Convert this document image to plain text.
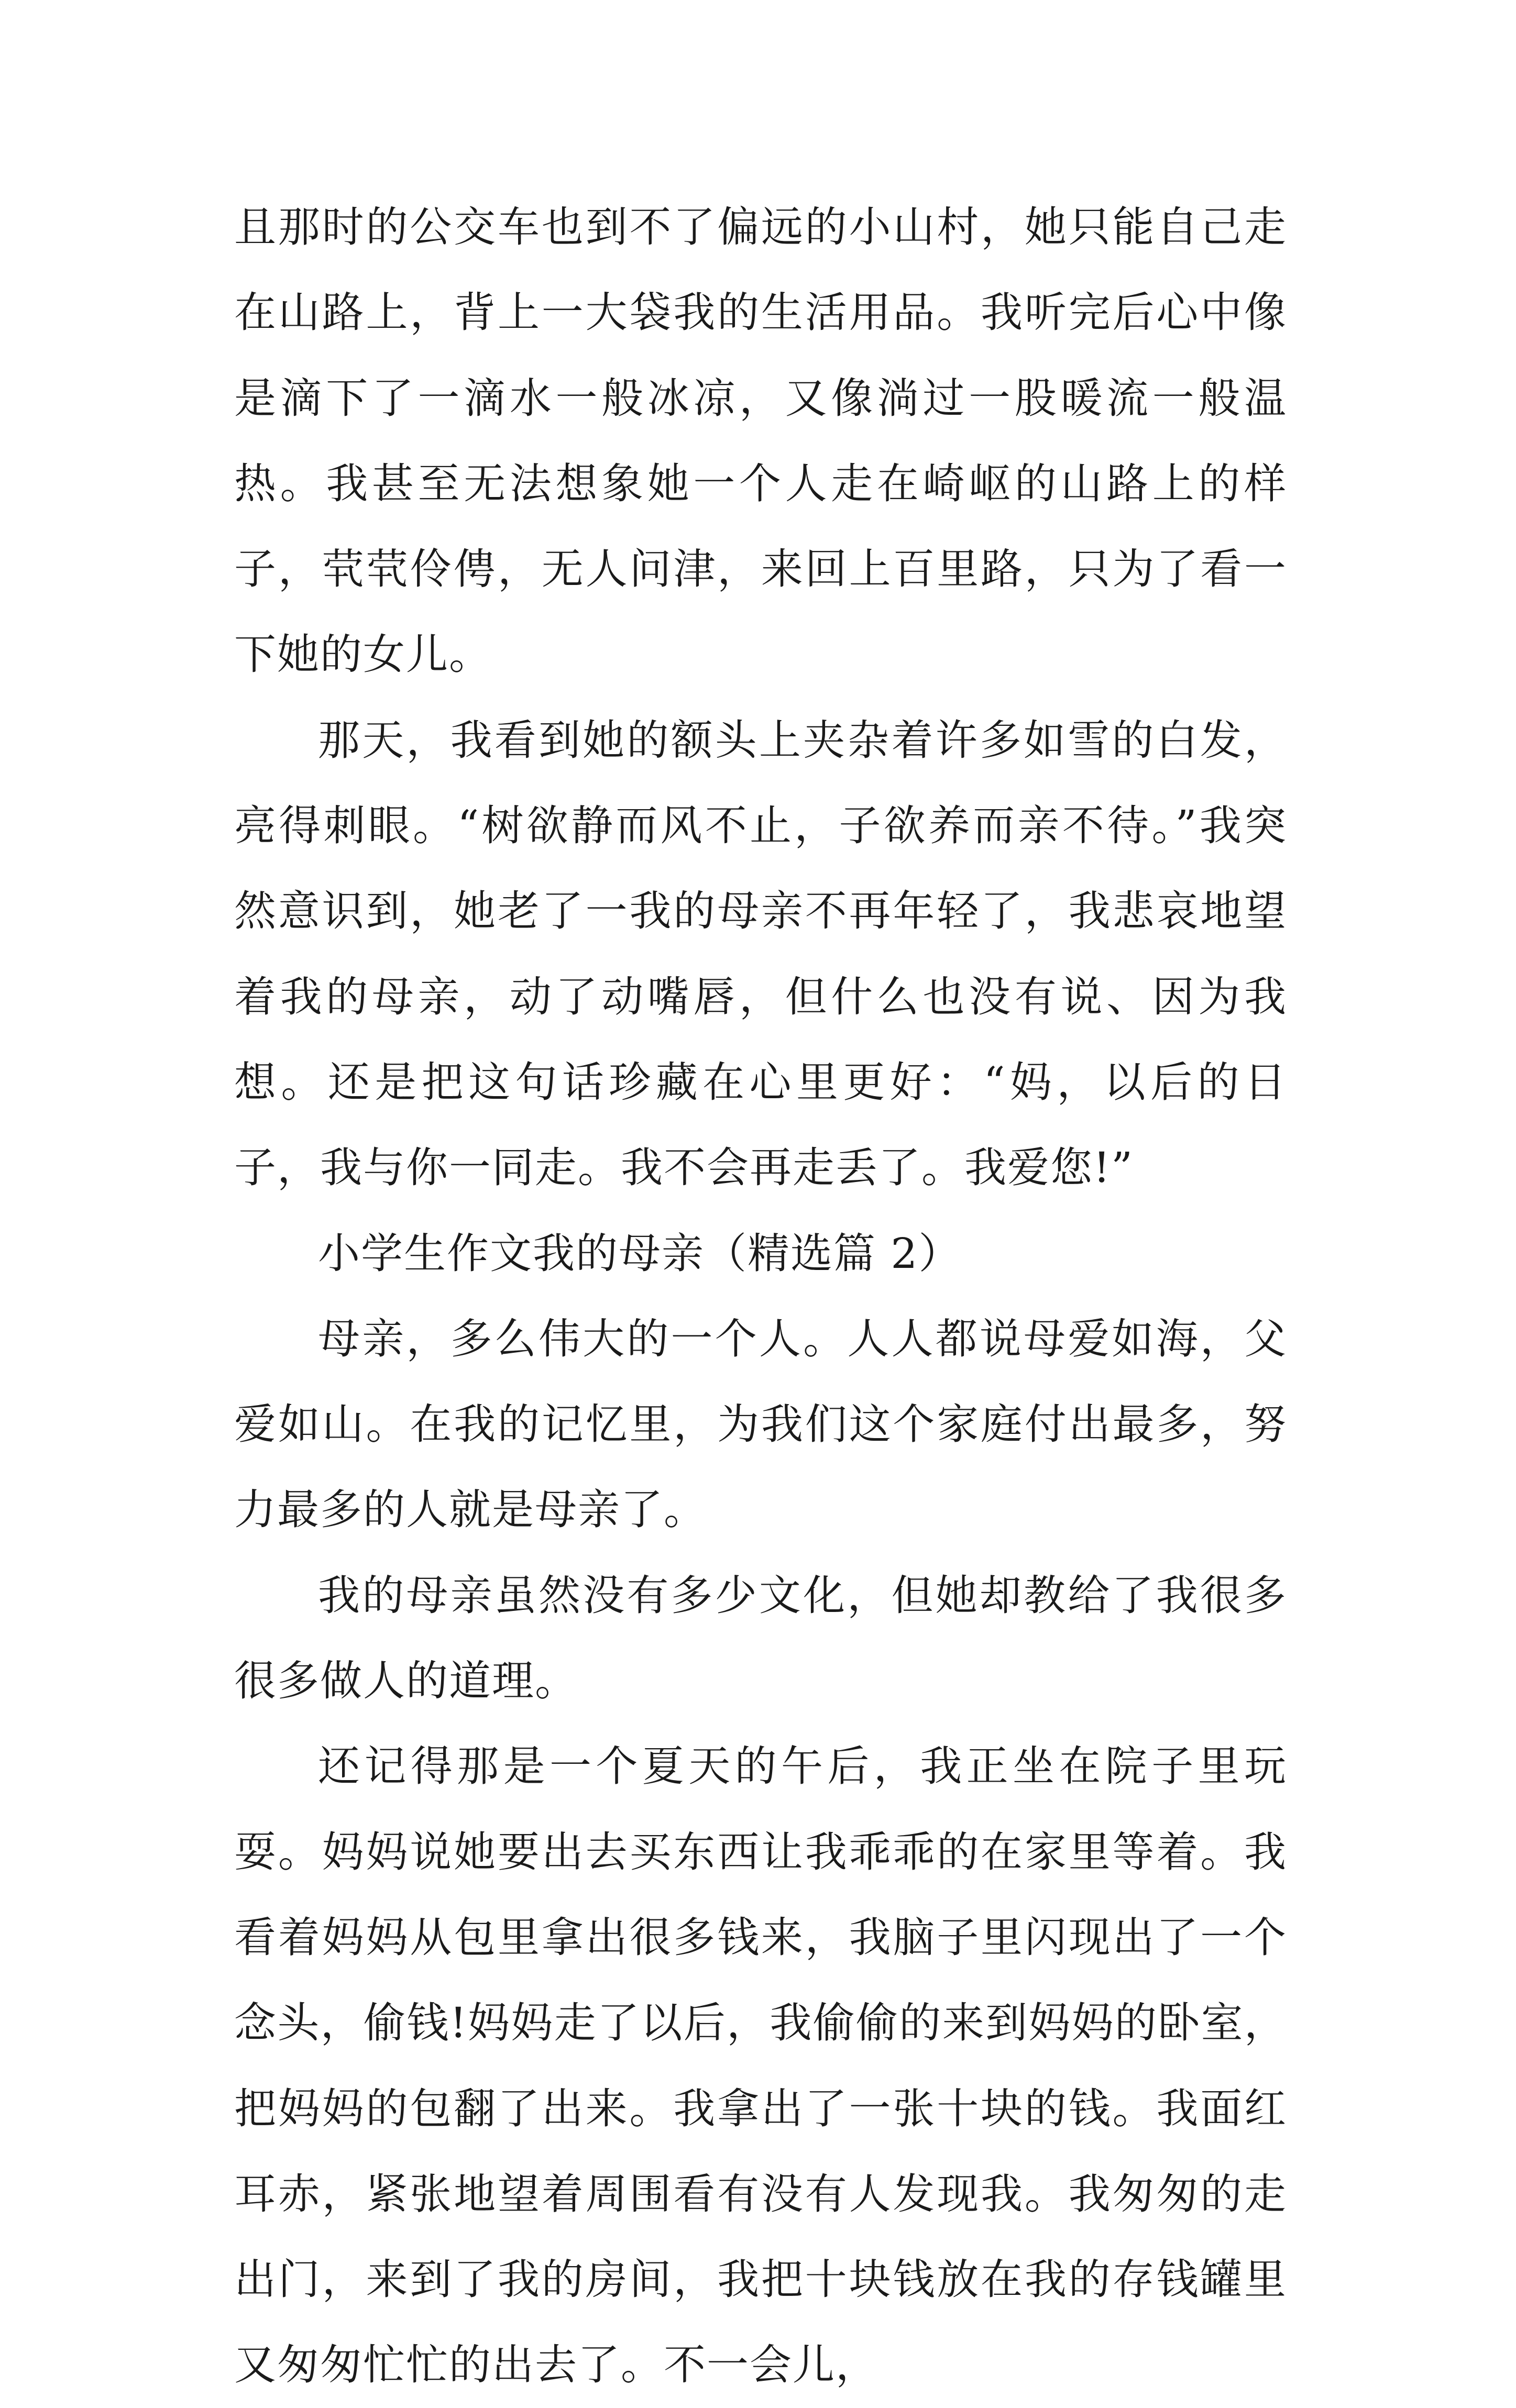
且那时的公交车也到不了偏远的小山村，她只能自己走在山路上，背上一大袋我的生活用品。我听完后心中像是滴下了一滴水一般冰凉，又像淌过一股暖流一般温热。我甚至无法想象她一个人走在崎岖的山路上的样子，茕茕伶俜，无人问津，来回上百里路，只为了看一下她的女儿。

那天，我看到她的额头上夹杂着许多如雪的白发，亮得刺眼。“树欲静而风不止，子欲养而亲不待。”我突然意识到，她老了一我的母亲不再年轻了，我悲哀地望着我的母亲，动了动嘴唇，但什么也没有说、因为我想。还是把这句话珍藏在心里更好：“妈，以后的日子，我与你一同走。我不会再走丢了。我爱您!”

小学生作文我的母亲（精选篇 2）

母亲，多么伟大的一个人。人人都说母爱如海，父爱如山。在我的记忆里，为我们这个家庭付出最多，努力最多的人就是母亲了。

我的母亲虽然没有多少文化，但她却教给了我很多很多做人的道理。

还记得那是一个夏天的午后，我正坐在院子里玩耍。妈妈说她要出去买东西让我乖乖的在家里等着。我看着妈妈从包里拿出很多钱来，我脑子里闪现出了一个念头，偷钱!妈妈走了以后，我偷偷的来到妈妈的卧室，把妈妈的包翻了出来。我拿出了一张十块的钱。我面红耳赤，紧张地望着周围看有没有人发现我。我匆匆的走出门，来到了我的房间，我把十块钱放在我的存钱罐里又匆匆忙忙的出去了。不一会儿，
